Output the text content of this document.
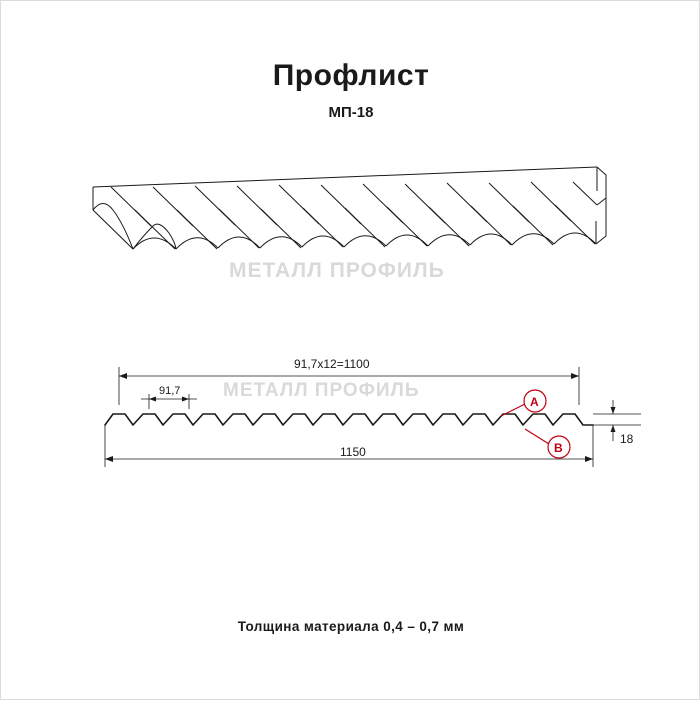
Профлист
МП-18
91,7х12=1100
91,7
1150
18
A
B
МЕТАЛЛ ПРОФИЛЬ
МЕТАЛЛ ПРОФИЛЬ
Толщина материала 0,4 – 0,7 мм
